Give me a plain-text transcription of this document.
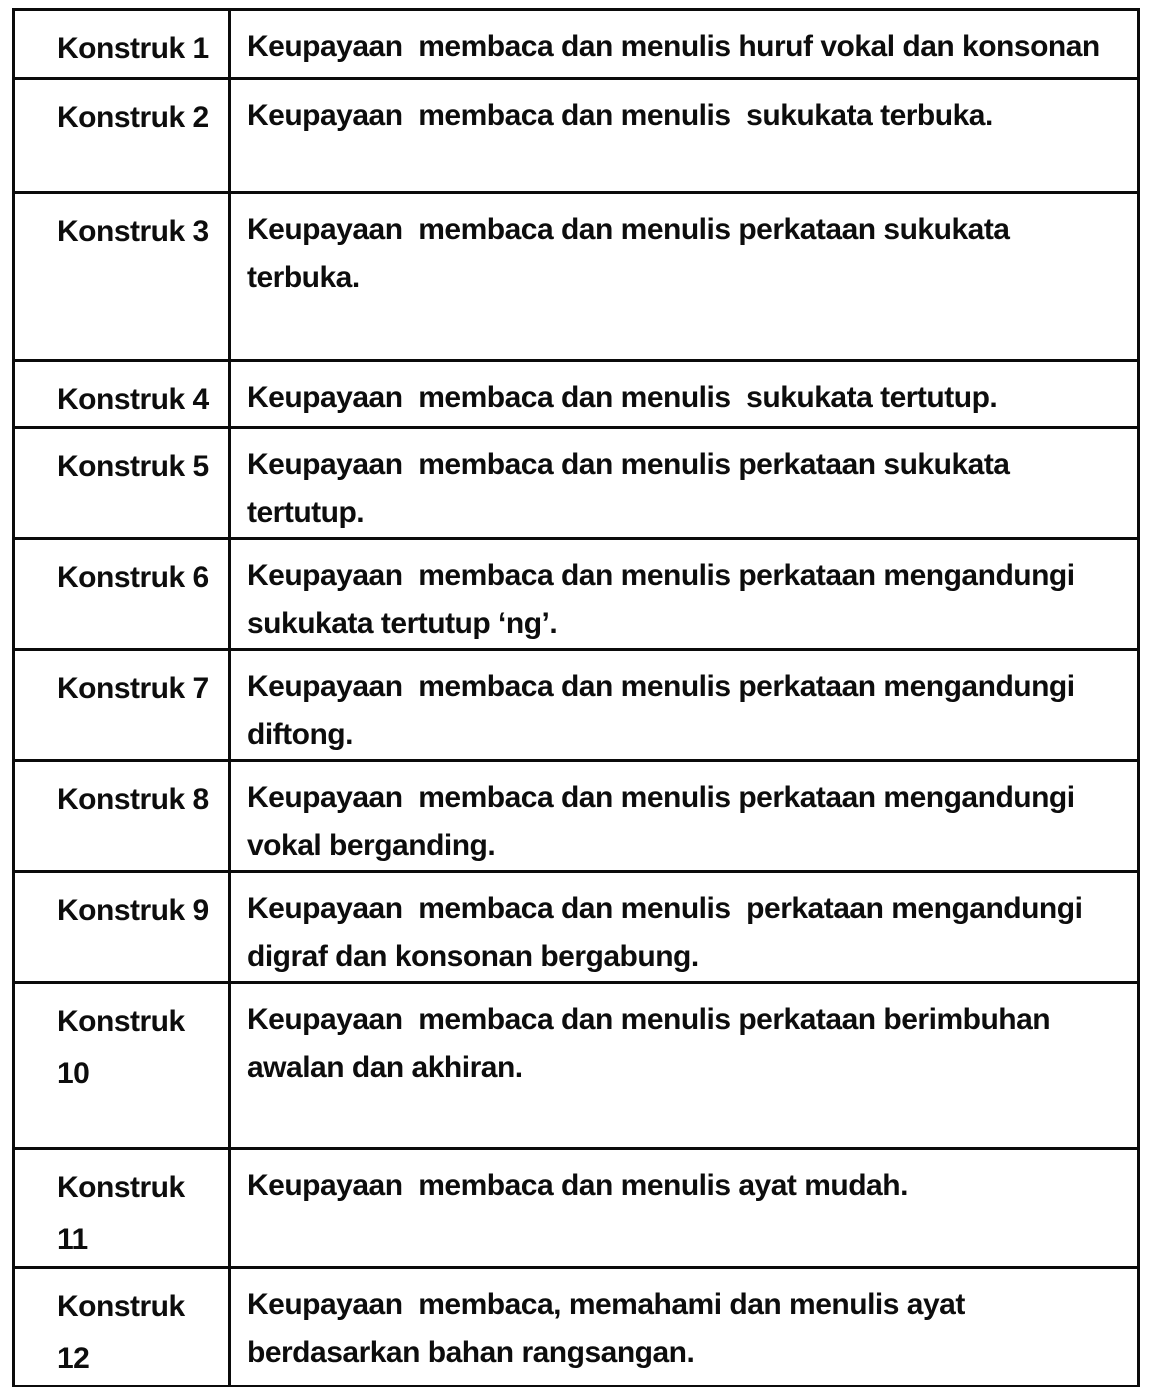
Konstruk 1	Keupayaan  membaca dan menulis huruf vokal dan konsonan
Konstruk 2	Keupayaan  membaca dan menulis  sukukata terbuka.
Konstruk 3	Keupayaan  membaca dan menulis perkataan sukukata terbuka.
Konstruk 4	Keupayaan  membaca dan menulis  sukukata tertutup.
Konstruk 5	Keupayaan  membaca dan menulis perkataan sukukata tertutup.
Konstruk 6	Keupayaan  membaca dan menulis perkataan mengandungi sukukata tertutup ‘ng’.
Konstruk 7	Keupayaan  membaca dan menulis perkataan mengandungi diftong.
Konstruk 8	Keupayaan  membaca dan menulis perkataan mengandungi vokal berganding.
Konstruk 9	Keupayaan  membaca dan menulis  perkataan mengandungi digraf dan konsonan bergabung.
Konstruk 10	Keupayaan  membaca dan menulis perkataan berimbuhan awalan dan akhiran.
Konstruk 11	Keupayaan  membaca dan menulis ayat mudah.
Konstruk 12	Keupayaan  membaca, memahami dan menulis ayat berdasarkan bahan rangsangan.
